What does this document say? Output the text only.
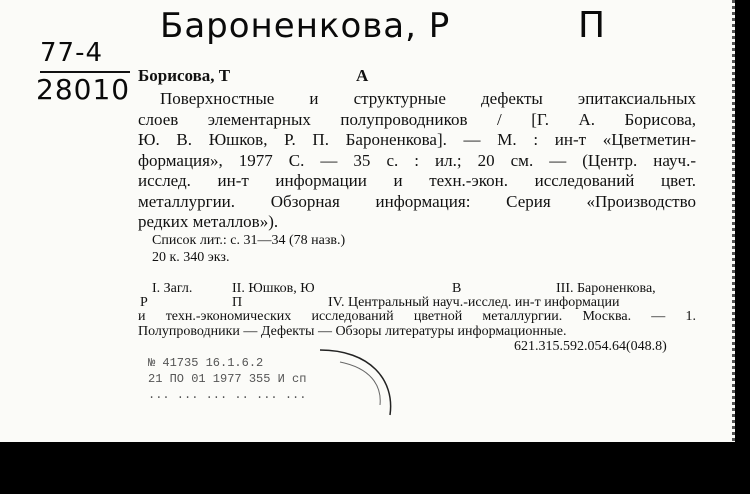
Бароненкова, Р	П
77-4
28010 Борисова, Т	А
Поверхностные и структурные дефекты эпитаксиальных
слоев элементарных полупроводников / [Г. А. Борисова,
Ю. В. Юшков, Р. П. Бароненкова]. — М. : ин-т «Цветметин-
формация», 1977 С. — 35 с. : ил.; 20 см. — (Центр. науч.-
исслед. ин-т информации и техн.-экон. исследований цвет.
металлургии. Обзорная информация: Серия «Производство
редких металлов»).
Список лит.: с. 31—34 (78 назв.)
20 к. 340 экз.
I. Загл.	II. Юшков, Ю	В	III. Бароненкова,
Р	П	IV. Центральный науч.-исслед. ин-т информации
и техн.-экономических исследований цветной металлургии. Москва. — 1.
Полупроводники — Дефекты — Обзоры литературы информационные.
621.315.592.054.64(048.8)
№ 41735 16.1.6.2
21 ПО 01 1977 355 И сп
... ... ... .. ... ...
